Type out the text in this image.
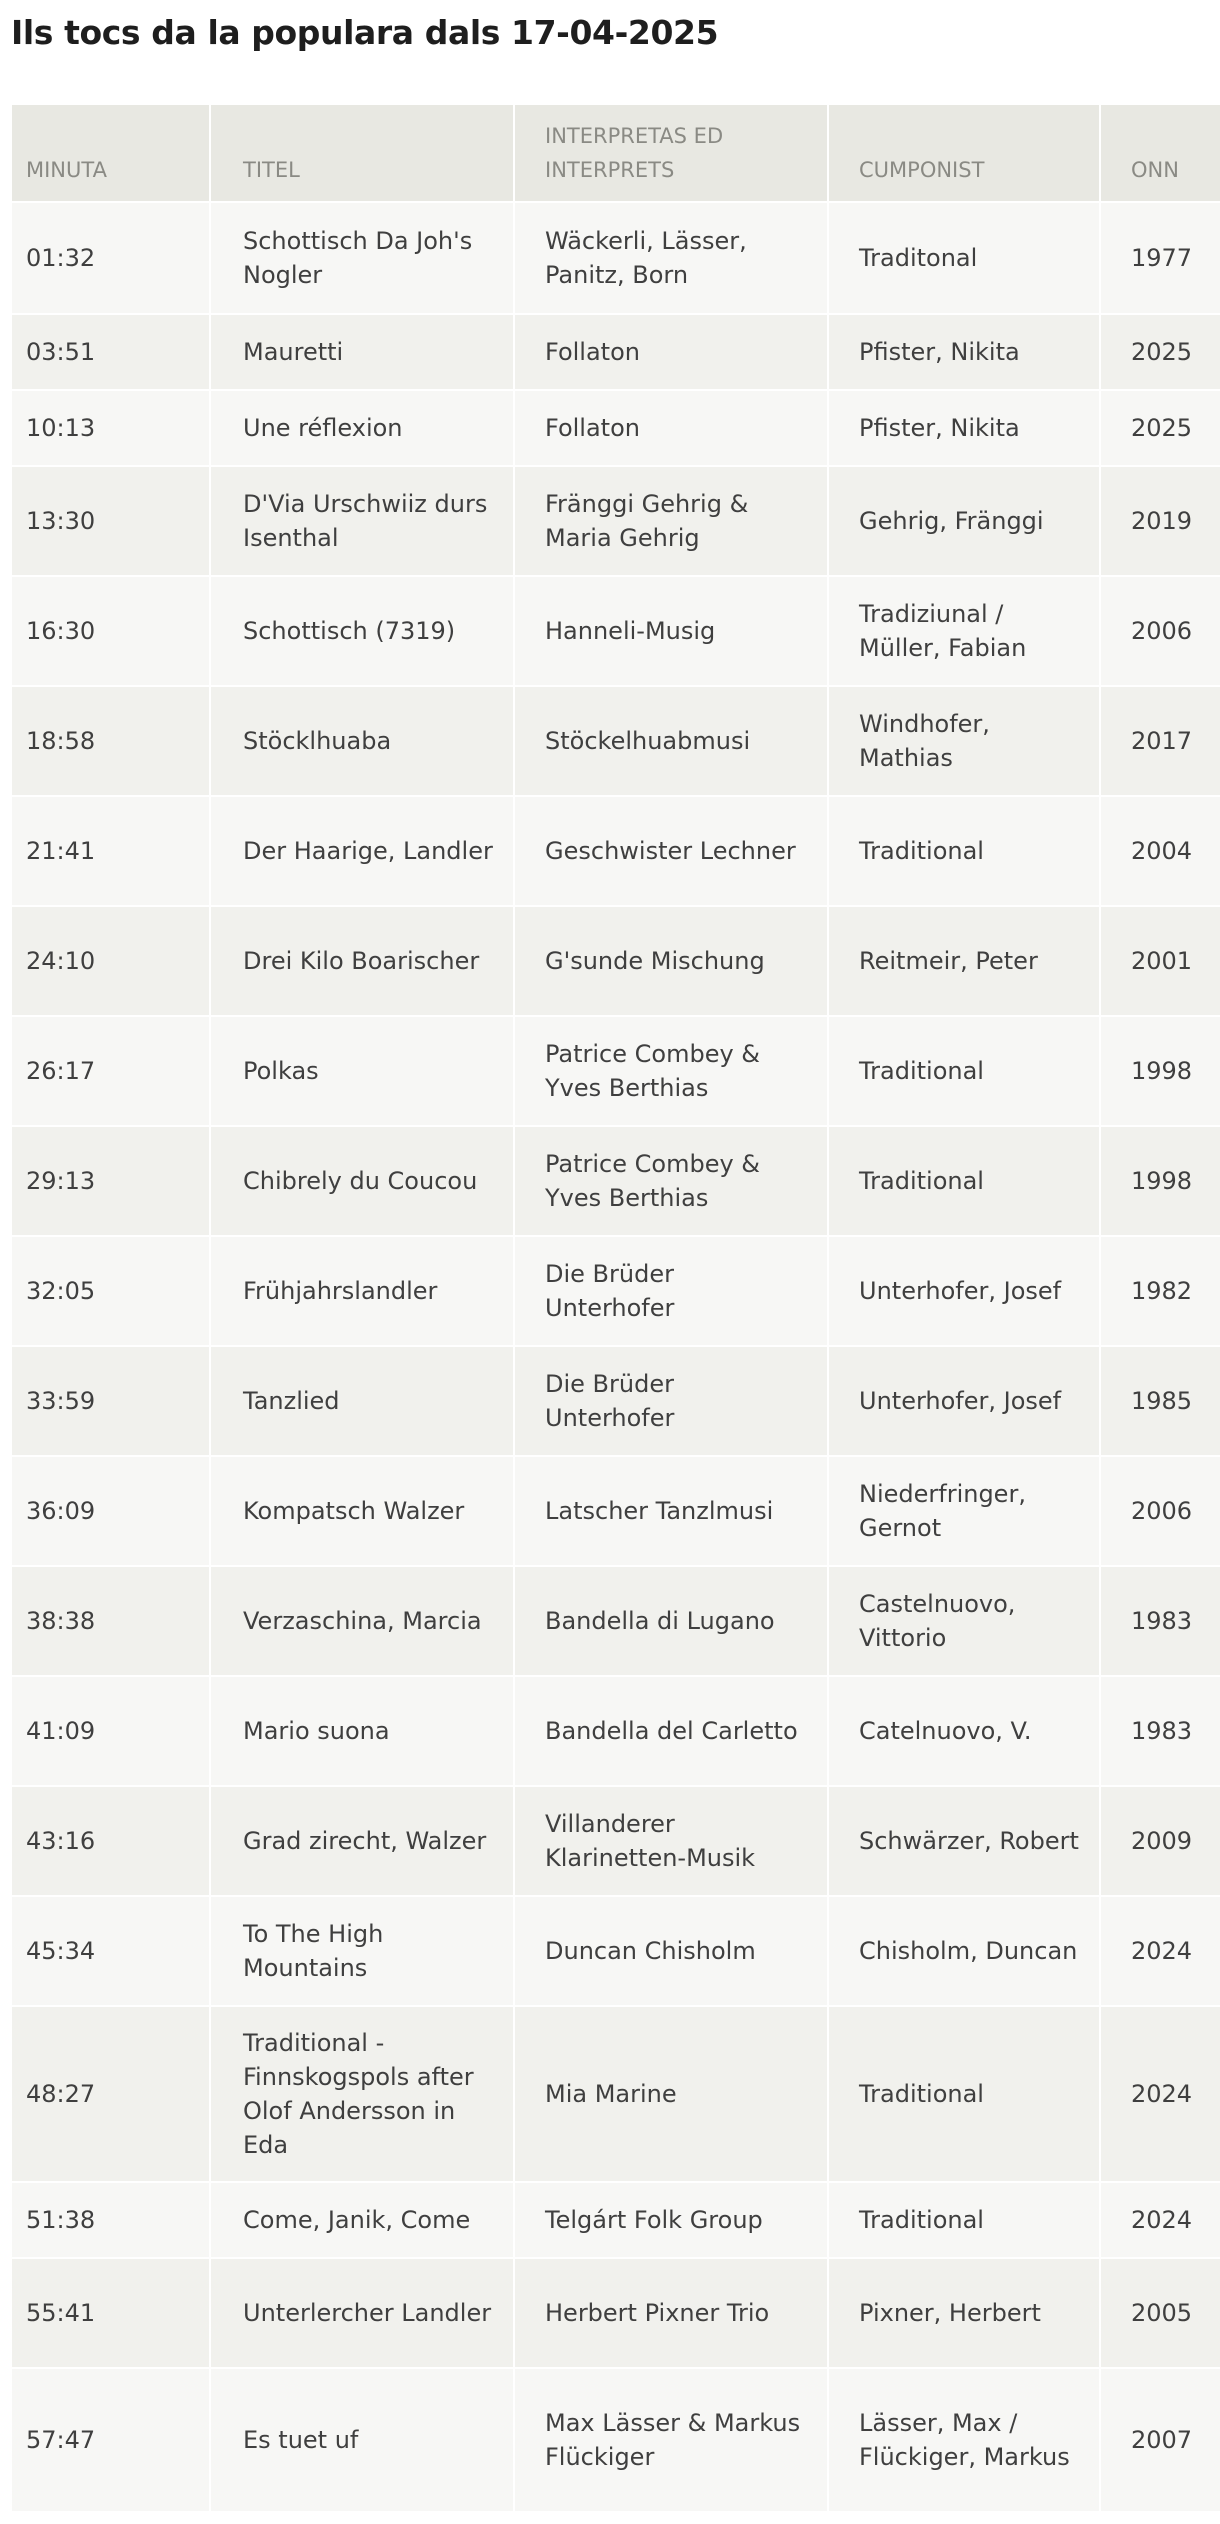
Ils tocs da la populara dals 17-04-2025
MINUTA	TITEL	INTERPRETAS ED INTERPRETS	CUMPONIST	ONN
01:32	Schottisch Da Joh's Nogler	Wäckerli, Lässer, Panitz, Born	Traditonal	1977
03:51	Mauretti	Follaton	Pfister, Nikita	2025
10:13	Une réflexion	Follaton	Pfister, Nikita	2025
13:30	D'Via Urschwiiz durs Isenthal	Fränggi Gehrig & Maria Gehrig	Gehrig, Fränggi	2019
16:30	Schottisch (7319)	Hanneli-Musig	Tradiziunal / Müller, Fabian	2006
18:58	Stöcklhuaba	Stöckelhuabmusi	Windhofer, Mathias	2017
21:41	Der Haarige, Landler	Geschwister Lechner	Traditional	2004
24:10	Drei Kilo Boarischer	G'sunde Mischung	Reitmeir, Peter	2001
26:17	Polkas	Patrice Combey & Yves Berthias	Traditional	1998
29:13	Chibrely du Coucou	Patrice Combey & Yves Berthias	Traditional	1998
32:05	Frühjahrslandler	Die Brüder Unterhofer	Unterhofer, Josef	1982
33:59	Tanzlied	Die Brüder Unterhofer	Unterhofer, Josef	1985
36:09	Kompatsch Walzer	Latscher Tanzlmusi	Niederfringer, Gernot	2006
38:38	Verzaschina, Marcia	Bandella di Lugano	Castelnuovo, Vittorio	1983
41:09	Mario suona	Bandella del Carletto	Catelnuovo, V.	1983
43:16	Grad zirecht, Walzer	Villanderer Klarinetten-Musik	Schwärzer, Robert	2009
45:34	To The High Mountains	Duncan Chisholm	Chisholm, Duncan	2024
48:27	Traditional - Finnskogspols after Olof Andersson in Eda	Mia Marine	Traditional	2024
51:38	Come, Janik, Come	Telgárt Folk Group	Traditional	2024
55:41	Unterlercher Landler	Herbert Pixner Trio	Pixner, Herbert	2005
57:47	Es tuet uf	Max Lässer & Markus Flückiger	Lässer, Max / Flückiger, Markus	2007
